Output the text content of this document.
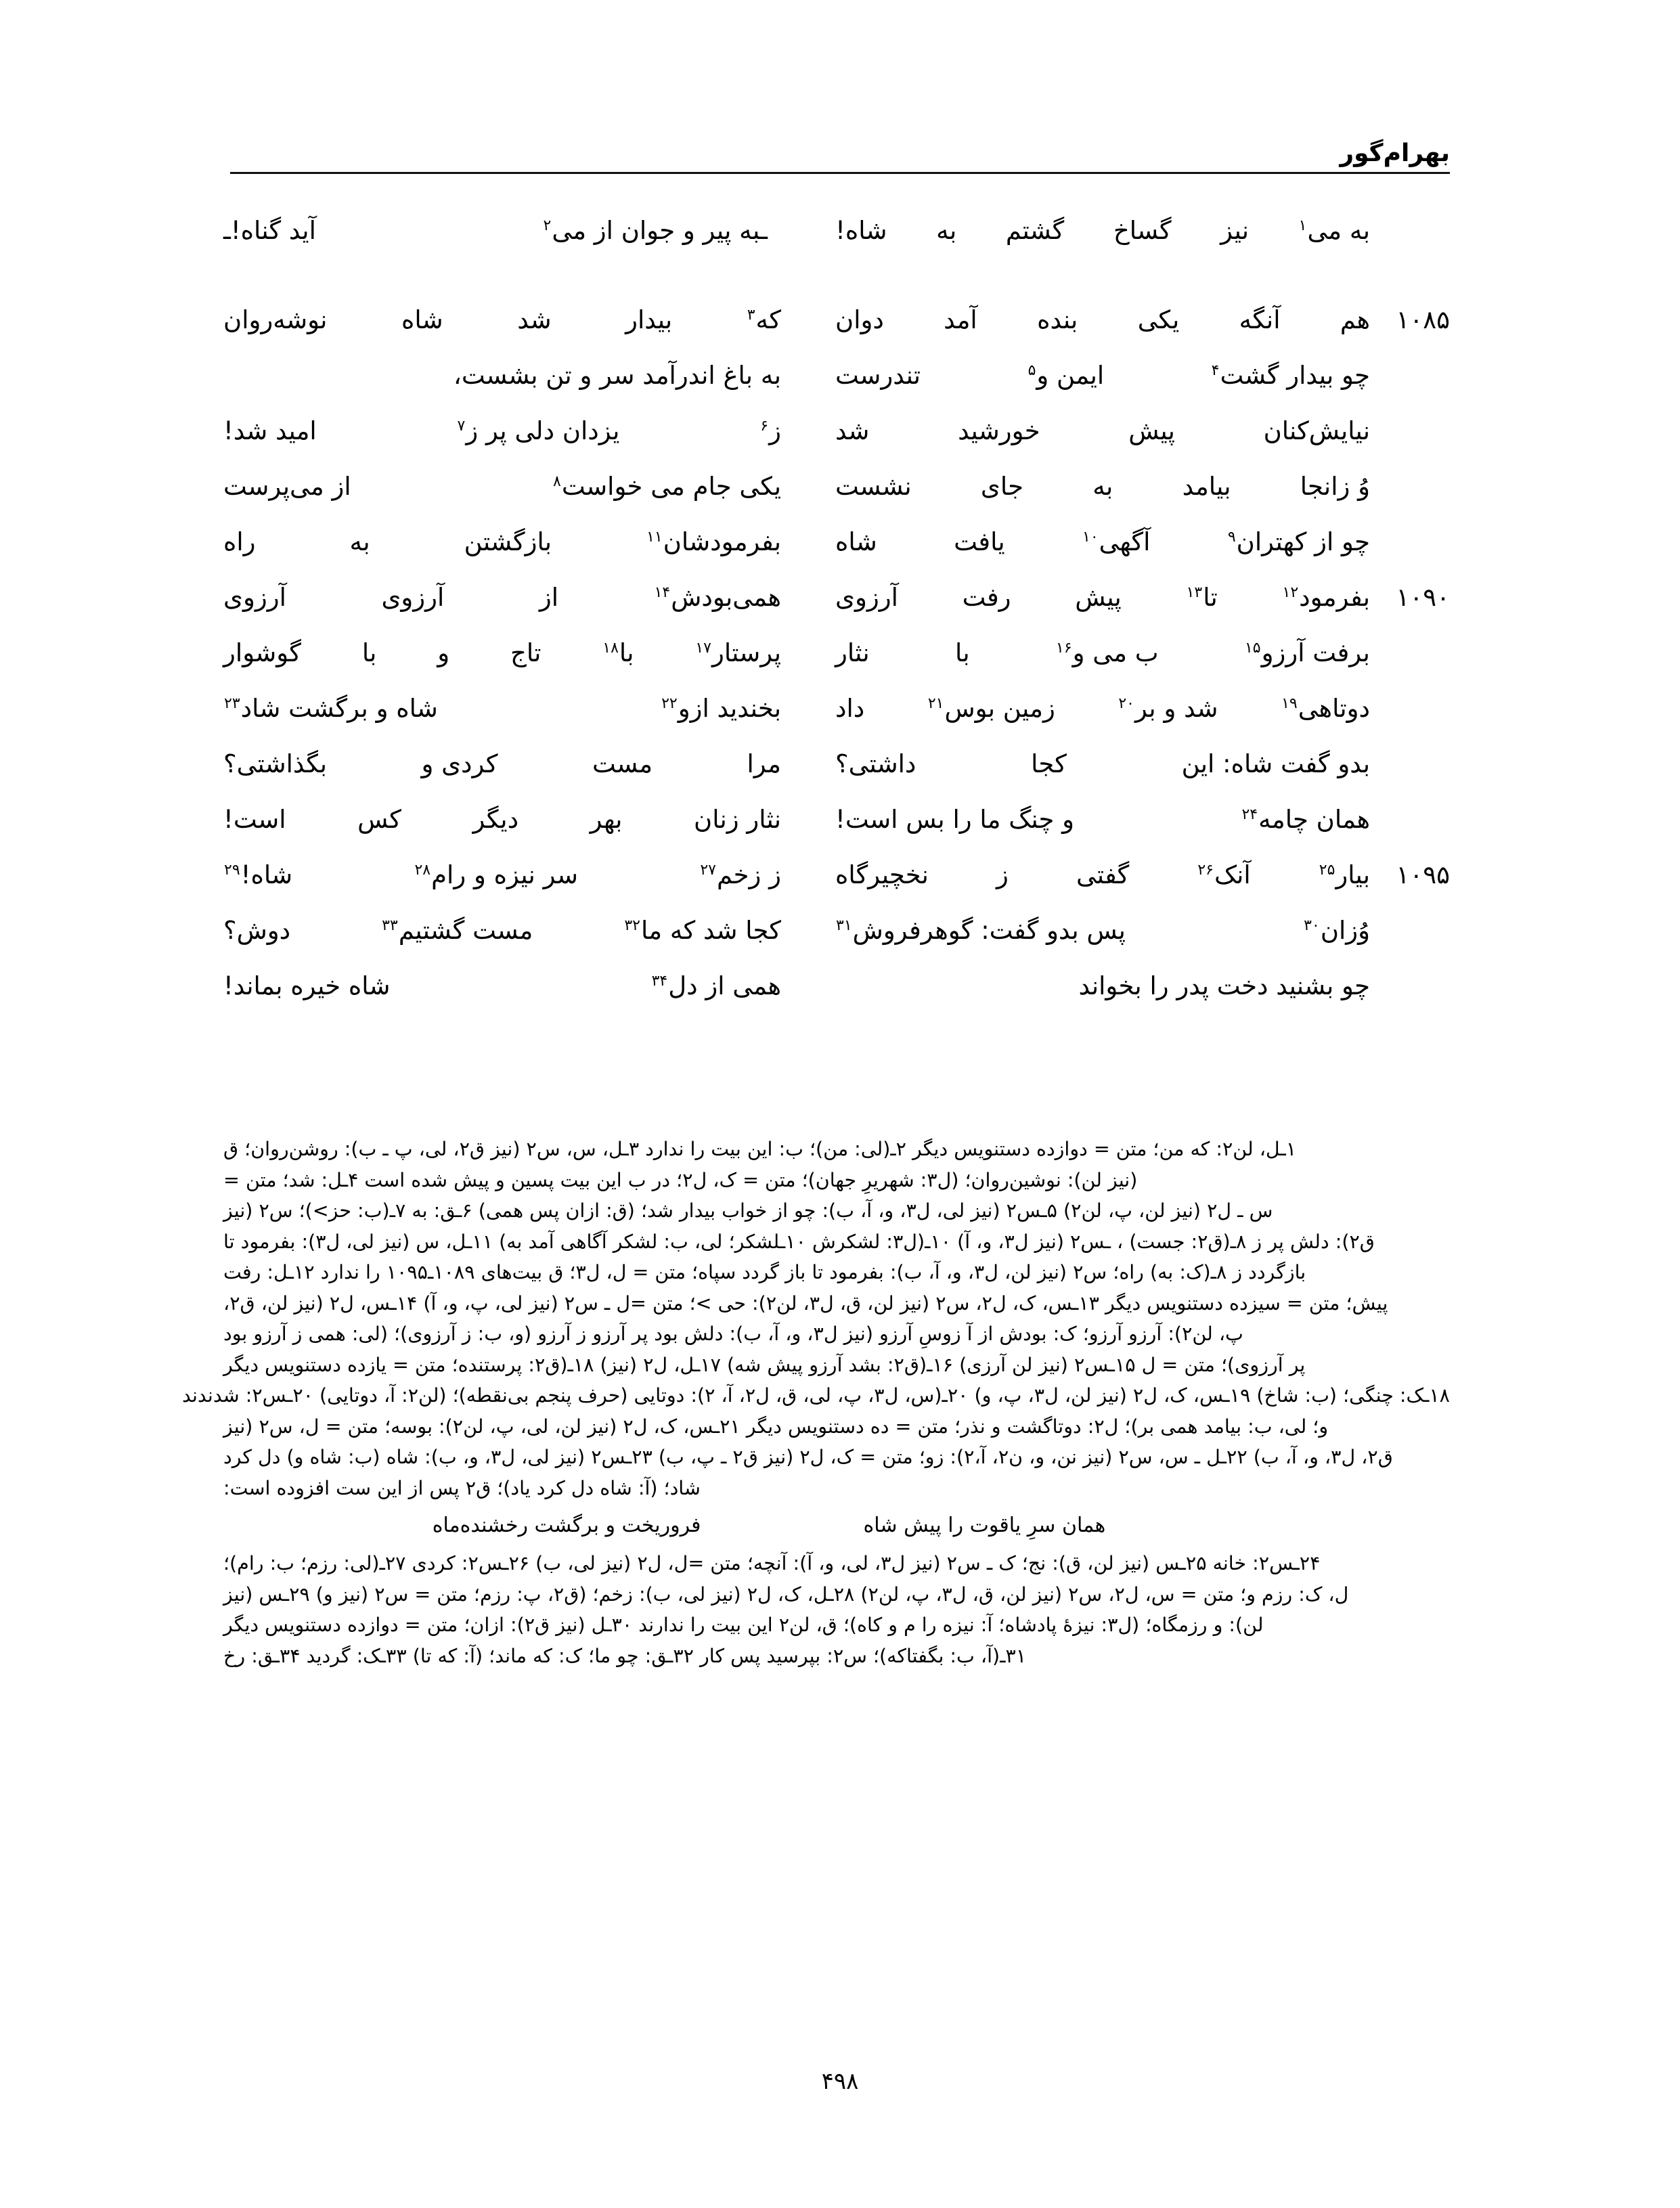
بهرام‌گور
به می$^۱$
نیز
گساخ
گشتم
به
شاه!
ـبه پیر و جوان از می$^۲$
آید گناه!ـ
۱۰۸۵
هم
آنگه
یکی
بنده
آمد
دوان
که$^۳$
بیدار
شد
شاه
نوشه‌روان
چو بیدار گشت$^۴$
ایمن و$^۵$
تندرست
به باغ اندرآمد سر و تن بشست،
نیایش‌کنان
پیش
خورشید
شد
ز$^۶$
یزدان دلی پر ز$^۷$
امید شد!
وُ زانجا
بیامد
به
جای
نشست
یکی جام می خواست$^۸$
از می‌پرست
چو از کهتران$^۹$
آگهی$^{۱۰}$
یافت
شاه
بفرمودشان$^{۱۱}$
بازگشتن
به
راه
۱۰۹۰
بفرمود$^{۱۲}$
تا$^{۱۳}$
پیش
رفت
آرزوی
همی‌بودش$^{۱۴}$
از
آرزوی
آرزوی
برفت آرزو$^{۱۵}$
ب می و$^{۱۶}$
با
نثار
پرستار$^{۱۷}$
با$^{۱۸}$
تاج
و
با
گوشوار
دوتاهی$^{۱۹}$
شد و بر$^{۲۰}$
زمین بوس$^{۲۱}$
داد
بخندید ازو$^{۲۲}$
شاه و برگشت شاد$^{۲۳}$
بدو گفت شاه: این
کجا
داشتی؟
مرا
مست
کردی و
بگذاشتی؟
همان چامه$^{۲۴}$
و چنگ ما را بس است!
نثار زنان
بهر
دیگر
کس
است!
۱۰۹۵
بیار$^{۲۵}$
آنک$^{۲۶}$
گفتی
ز
نخچیرگاه
ز زخم$^{۲۷}$
سر نیزه و رام$^{۲۸}$
شاه!$^{۲۹}$
وُزان$^{۳۰}$
پس بدو گفت: گوهرفروش$^{۳۱}$
کجا شد که ما$^{۳۲}$
مست گشتیم$^{۳۳}$
دوش؟
چو بشنید دخت پدر را بخواند
همی از دل$^{۳۴}$
شاه خیره بماند!
۱ـل، لن۲: که من؛ متن = دوازده دستنویس دیگر ۲ـ(لی: من)؛ ب: این بیت را ندارد ۳ـل، س، س۲ (نیز ق۲، لی، پ ـ ب): روشن‌روان؛ ق
(نیز لن): نوشین‌روان؛ (ل۳: شهریرِ جهان)؛ متن = ک، ل۲؛ در ب این بیت پسین و پیش شده است ۴ـل: شد؛ متن =
س ـ ل۲ (نیز لن، پ، لن۲) ۵ـس۲ (نیز لی، ل۳، و، آ، ب): چو از خواب بیدار شد؛ (ق: ازان پس همی) ۶ـق: به ۷ـ(ب: حز>)؛ س۲ (نیز
ق۲): دلش پر ز ۸ـ(ق۲: جست) ، ـس۲ (نیز ل۳، و، آ) ۱۰ـ(ل۳: لشکرش ۱۰ـلشکر؛ لی، ب: لشکر آگاهی آمد به) ۱۱ـل، س (نیز لی، ل۳): بفرمود تا
بازگردد ز ۸ـ(ک: به) راه؛ س۲ (نیز لن، ل۳، و، آ، ب): بفرمود تا باز گردد سپاه؛ متن = ل، ل۳؛ ق بیت‌های ۱۰۸۹ـ۱۰۹۵ را ندارد ۱۲ـل: رفت
پیش؛ متن = سیزده دستنویس دیگر ۱۳ـس، ک، ل۲، س۲ (نیز لن، ق، ل۳، لن۲): حی >؛ متن =ل ـ س۲ (نیز لی، پ، و، آ) ۱۴ـس، ل۲ (نیز لن، ق۲،
پ، لن۲): آرزو آرزو؛ ک: بودش از آ زوسِ آرزو (نیز ل۳، و، آ، ب): دلش بود پر آرزو ز آرزو (و، ب: ز آرزوی)؛ (لی: همی ز آرزو بود
پر آرزوی)؛ متن = ل ۱۵ـس۲ (نیز لن آرزی) ۱۶ـ(ق۲: بشد آرزو پیش شه) ۱۷ـل، ل۲ (نیز) ۱۸ـ(ق۲: پرستنده؛ متن = یازده دستنویس دیگر
۱۸ـک: چنگی؛ (ب: شاخ) ۱۹ـس، ک، ل۲ (نیز لن، ل۳، پ، و) ۲۰ـ(س، ل۳، پ، لی، ق، ل۲، آ، ۲): دوتایی (حرف پنجم بی‌نقطه)؛ (لن۲: آ، دوتایی) ۲۰ـس۲: شدندند
و؛ لی، ب: بیامد همی بر)؛ ل۲: دوتاگشت و نذر؛ متن = ده دستنویس دیگر ۲۱ـس، ک، ل۲ (نیز لن، لی، پ، لن۲): بوسه؛ متن = ل، س۲ (نیز
ق۲، ل۳، و، آ، ب) ۲۲ـل ـ س، س۲ (نیز نن، و، ن۲، آ،۲): زو؛ متن = ک، ل۲ (نیز ق۲ ـ پ، ب) ۲۳ـس۲ (نیز لی، ل۳، و، ب): شاه (ب: شاه و) دل کرد
شاد؛ (آ: شاه دل کرد یاد)؛ ق۲ پس از این ست افزوده است:
همان سرِ یاقوت را پیش شاه
فروریخت و برگشت رخشنده‌ماه
۲۴ـس۲: خانه ۲۵ـس (نیز لن، ق): نج؛ ک ـ س۲ (نیز ل۳، لی، و، آ): آنچه؛ متن =ل، ل۲ (نیز لی، ب) ۲۶ـس۲: کردی ۲۷ـ(لی: رزم؛ ب: رام)؛
ل، ک: رزم و؛ متن = س، ل۲، س۲ (نیز لن، ق، ل۳، پ، لن۲) ۲۸ـل، ک، ل۲ (نیز لی، ب): زخم؛ (ق۲، پ: رزم؛ متن = س۲ (نیز و) ۲۹ـس (نیز
لن): و رزمگاه؛ (ل۳: نیزهٔ پادشاه؛ آ: نیزه را م و کاه)؛ ق، لن۲ این بیت را ندارند ۳۰ـل (نیز ق۲): ازان؛ متن = دوازده دستنویس دیگر
۳۱ـ(آ، ب: بگفتاکه)؛ س۲: بپرسید پس کار ۳۲ـق: چو ما؛ ک: که ماند؛ (آ: که تا) ۳۳ـک: گردید ۳۴ـق: رخ
۴۹۸
